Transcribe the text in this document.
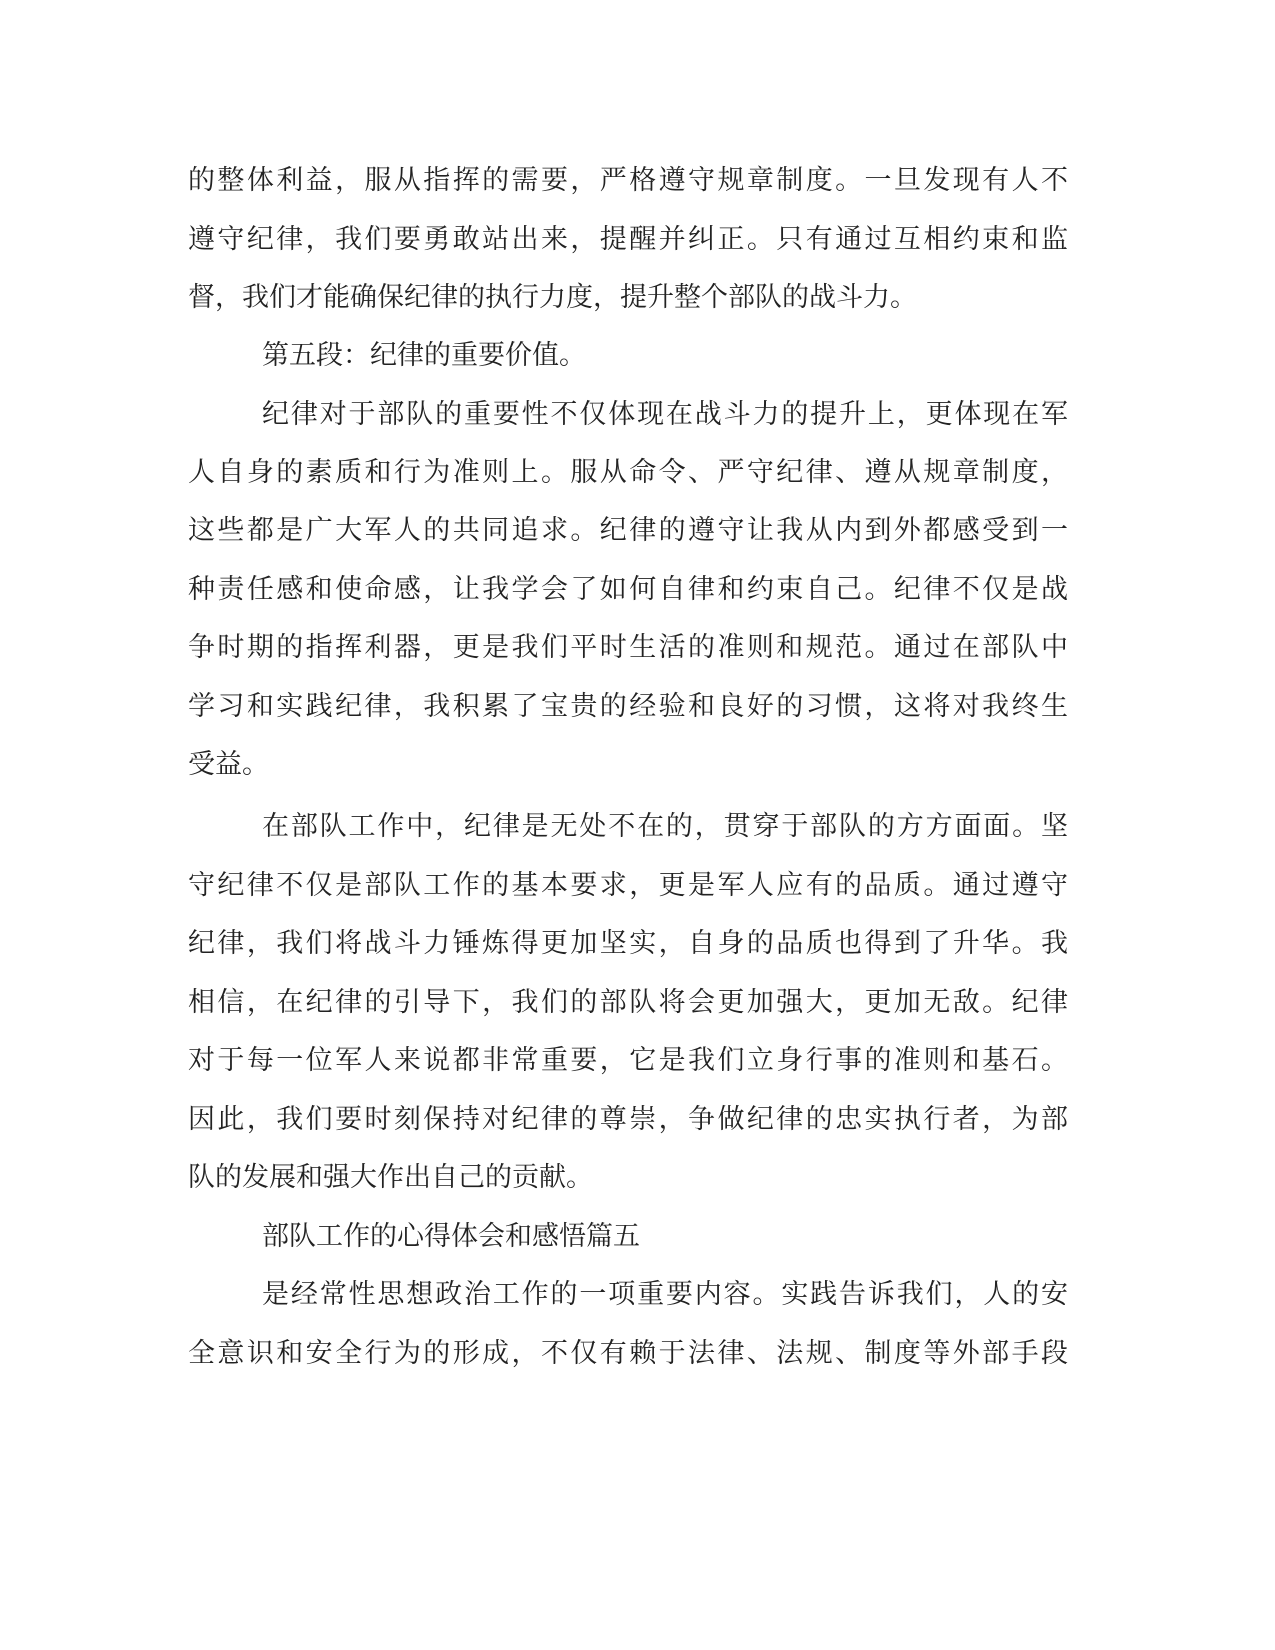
的整体利益，服从指挥的需要，严格遵守规章制度。一旦发现有人不
遵守纪律，我们要勇敢站出来，提醒并纠正。只有通过互相约束和监
督，我们才能确保纪律的执行力度，提升整个部队的战斗力。
第五段：纪律的重要价值。
纪律对于部队的重要性不仅体现在战斗力的提升上，更体现在军
人自身的素质和行为准则上。服从命令、严守纪律、遵从规章制度，
这些都是广大军人的共同追求。纪律的遵守让我从内到外都感受到一
种责任感和使命感，让我学会了如何自律和约束自己。纪律不仅是战
争时期的指挥利器，更是我们平时生活的准则和规范。通过在部队中
学习和实践纪律，我积累了宝贵的经验和良好的习惯，这将对我终生
受益。
在部队工作中，纪律是无处不在的，贯穿于部队的方方面面。坚
守纪律不仅是部队工作的基本要求，更是军人应有的品质。通过遵守
纪律，我们将战斗力锤炼得更加坚实，自身的品质也得到了升华。我
相信，在纪律的引导下，我们的部队将会更加强大，更加无敌。纪律
对于每一位军人来说都非常重要，它是我们立身行事的准则和基石。
因此，我们要时刻保持对纪律的尊崇，争做纪律的忠实执行者，为部
队的发展和强大作出自己的贡献。
部队工作的心得体会和感悟篇五
是经常性思想政治工作的一项重要内容。实践告诉我们，人的安
全意识和安全行为的形成，不仅有赖于法律、法规、制度等外部手段
